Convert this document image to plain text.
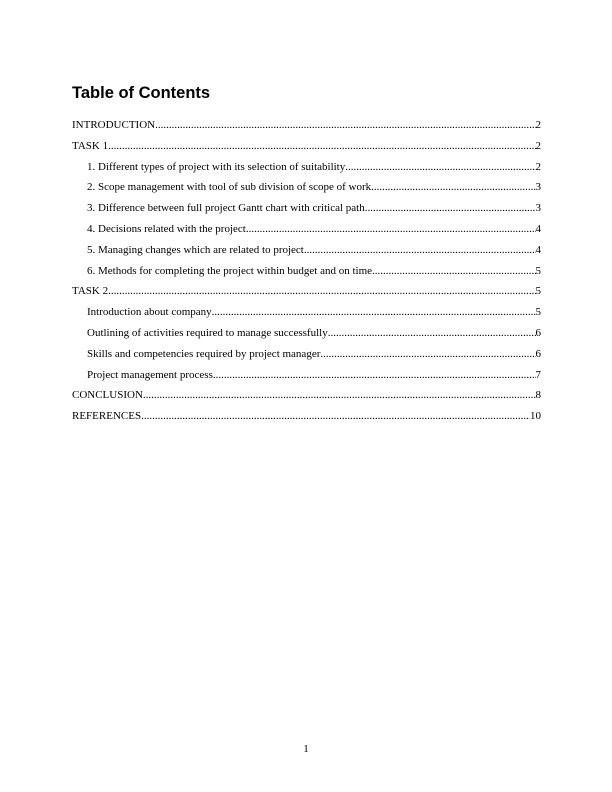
Table of Contents
INTRODUCTION .....	2
TASK 1 .....	2
1. Different types of project with its selection of suitability .....	2
2. Scope management with tool of sub division of scope of work .....	3
3. Difference between full project Gantt chart with critical path .....	3
4. Decisions related with the project .....	4
5. Managing changes which are related to project .....	4
6. Methods for completing the project within budget and on time .....	5
TASK 2 .....	5
Introduction about company .....	5
Outlining of activities required to manage successfully .....	6
Skills and competencies required by project manager .....	6
Project management process .....	7
CONCLUSION .....	8
REFERENCES .....	10
1
